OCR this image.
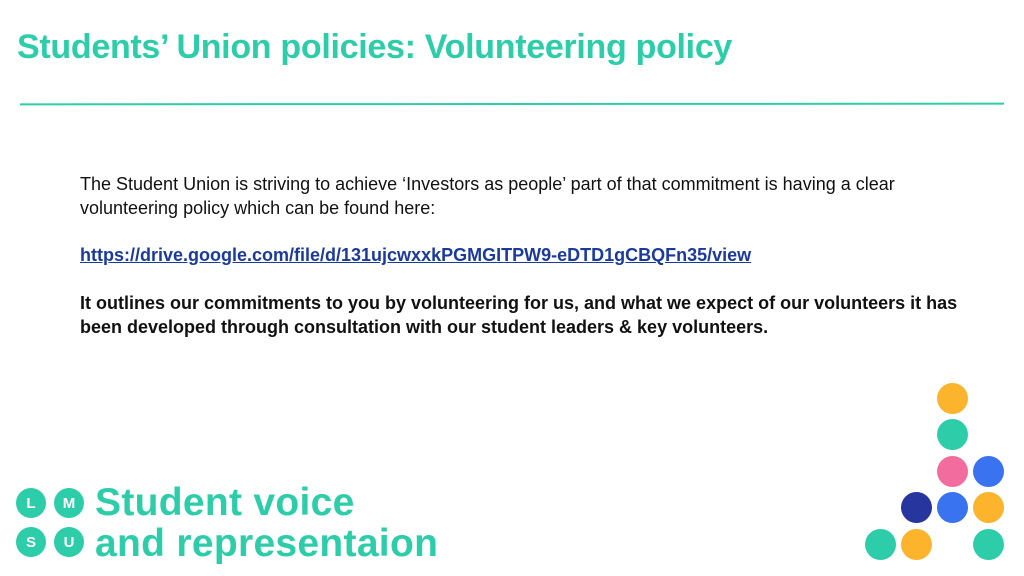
Students’ Union policies: Volunteering policy

The Student Union is striving to achieve ‘Investors as people’ part of that commitment is having a clear volunteering policy which can be found here:

https://drive.google.com/file/d/131ujcwxxkPGMGITPW9-eDTD1gCBQFn35/view

It outlines our commitments to you by volunteering for us, and what we expect of our volunteers it has been developed through consultation with our student leaders & key volunteers.

L	M
S	U
Student voice
and representaion
